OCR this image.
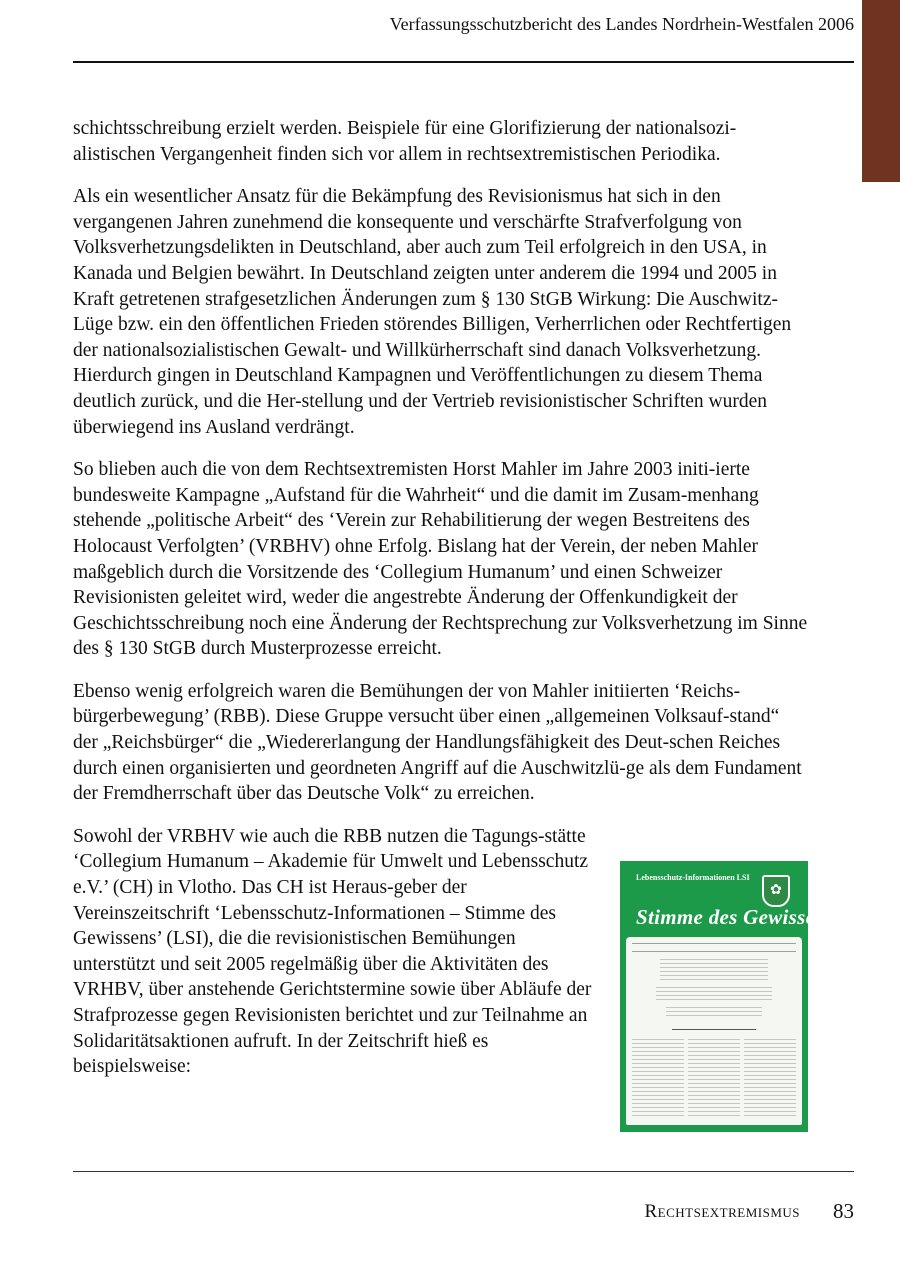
Verfassungsschutzbericht des Landes Nordrhein-Westfalen 2006

schichtsschreibung erzielt werden. Beispiele für eine Glorifizierung der nationalsozi-alistischen Vergangenheit finden sich vor allem in rechtsextremistischen Periodika.

Als ein wesentlicher Ansatz für die Bekämpfung des Revisionismus hat sich in den vergangenen Jahren zunehmend die konsequente und verschärfte Strafverfolgung von Volksverhetzungsdelikten in Deutschland, aber auch zum Teil erfolgreich in den USA, in Kanada und Belgien bewährt. In Deutschland zeigten unter anderem die 1994 und 2005 in Kraft getretenen strafgesetzlichen Änderungen zum § 130 StGB Wirkung: Die Auschwitz-Lüge bzw. ein den öffentlichen Frieden störendes Billigen, Verherrlichen oder Rechtfertigen der nationalsozialistischen Gewalt- und Willkürherrschaft sind danach Volksverhetzung. Hierdurch gingen in Deutschland Kampagnen und Veröffentlichungen zu diesem Thema deutlich zurück, und die Her-stellung und der Vertrieb revisionistischer Schriften wurden überwiegend ins Ausland verdrängt.

So blieben auch die von dem Rechtsextremisten Horst Mahler im Jahre 2003 initi-ierte bundesweite Kampagne „Aufstand für die Wahrheit“ und die damit im Zusam-menhang stehende „politische Arbeit“ des ‘Verein zur Rehabilitierung der wegen Bestreitens des Holocaust Verfolgten’ (VRBHV) ohne Erfolg. Bislang hat der Verein, der neben Mahler maßgeblich durch die Vorsitzende des ‘Collegium Humanum’ und einen Schweizer Revisionisten geleitet wird, weder die angestrebte Änderung der Offenkundigkeit der Geschichtsschreibung noch eine Änderung der Rechtsprechung zur Volksverhetzung im Sinne des § 130 StGB durch Musterprozesse erreicht.

Ebenso wenig erfolgreich waren die Bemühungen der von Mahler initiierten ‘Reichs-bürgerbewegung’ (RBB). Diese Gruppe versucht über einen „allgemeinen Volksauf-stand“ der „Reichsbürger“ die „Wiedererlangung der Handlungsfähigkeit des Deut-schen Reiches durch einen organisierten und geordneten Angriff auf die Auschwitzlü-ge als dem Fundament der Fremdherrschaft über das Deutsche Volk“ zu erreichen.

Sowohl der VRBHV wie auch die RBB nutzen die Tagungs-stätte ‘Collegium Humanum – Akademie für Umwelt und Lebensschutz e.V.’ (CH) in Vlotho. Das CH ist Heraus-geber der Vereinszeitschrift ‘Lebensschutz-Informationen – Stimme des Gewissens’ (LSI), die die revisionistischen Bemühungen unterstützt und seit 2005 regelmäßig über die Aktivitäten des VRHBV, über anstehende Gerichtstermine sowie über Abläufe der Strafprozesse gegen Revisionisten berichtet und zur Teilnahme an Solidaritätsaktionen aufruft. In der Zeitschrift hieß es beispielsweise:

Lebensschutz-Informationen LSI
✿
Stimme des Gewissens
Rechtsextremismus 83
